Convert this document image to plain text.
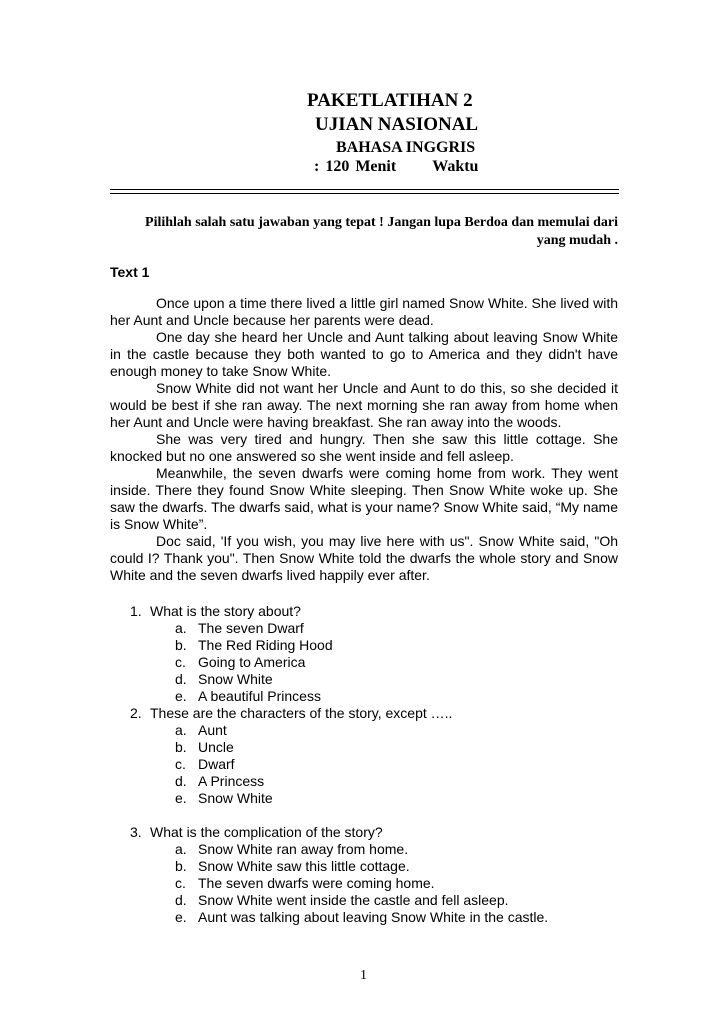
PAKETLATIHAN 2
UJIAN NASIONAL
BAHASA INGGRIS
: 120 Menit Waktu
Pilihlah salah satu jawaban yang tepat ! Jangan lupa Berdoa dan memulai dari
yang mudah .
Text 1

Once upon a time there lived a little girl named Snow White. She lived with her Aunt and Uncle because her parents were dead.

One day she heard her Uncle and Aunt talking about leaving Snow White in the castle because they both wanted to go to America and they didn't have enough money to take Snow White.

Snow White did not want her Uncle and Aunt to do this, so she decided it would be best if she ran away. The next morning she ran away from home when her Aunt and Uncle were having breakfast. She ran away into the woods.

She was very tired and hungry. Then she saw this little cottage. She knocked but no one answered so she went inside and fell asleep.

Meanwhile, the seven dwarfs were coming home from work. They went inside. There they found Snow White sleeping. Then Snow White woke up. She saw the dwarfs. The dwarfs said, what is your name? Snow White said, “My name is Snow White”.

Doc said, 'If you wish, you may live here with us". Snow White said, "Oh could I? Thank you". Then Snow White told the dwarfs the whole story and Snow White and the seven dwarfs lived happily ever after.

1. What is the story about?
a. The seven Dwarf
b. The Red Riding Hood
c. Going to America
d. Snow White
e. A beautiful Princess
2. These are the characters of the story, except …..
a. Aunt
b. Uncle
c. Dwarf
d. A Princess
e. Snow White
3. What is the complication of the story?
a. Snow White ran away from home.
b. Snow White saw this little cottage.
c. The seven dwarfs were coming home.
d. Snow White went inside the castle and fell asleep.
e. Aunt was talking about leaving Snow White in the castle.
1
